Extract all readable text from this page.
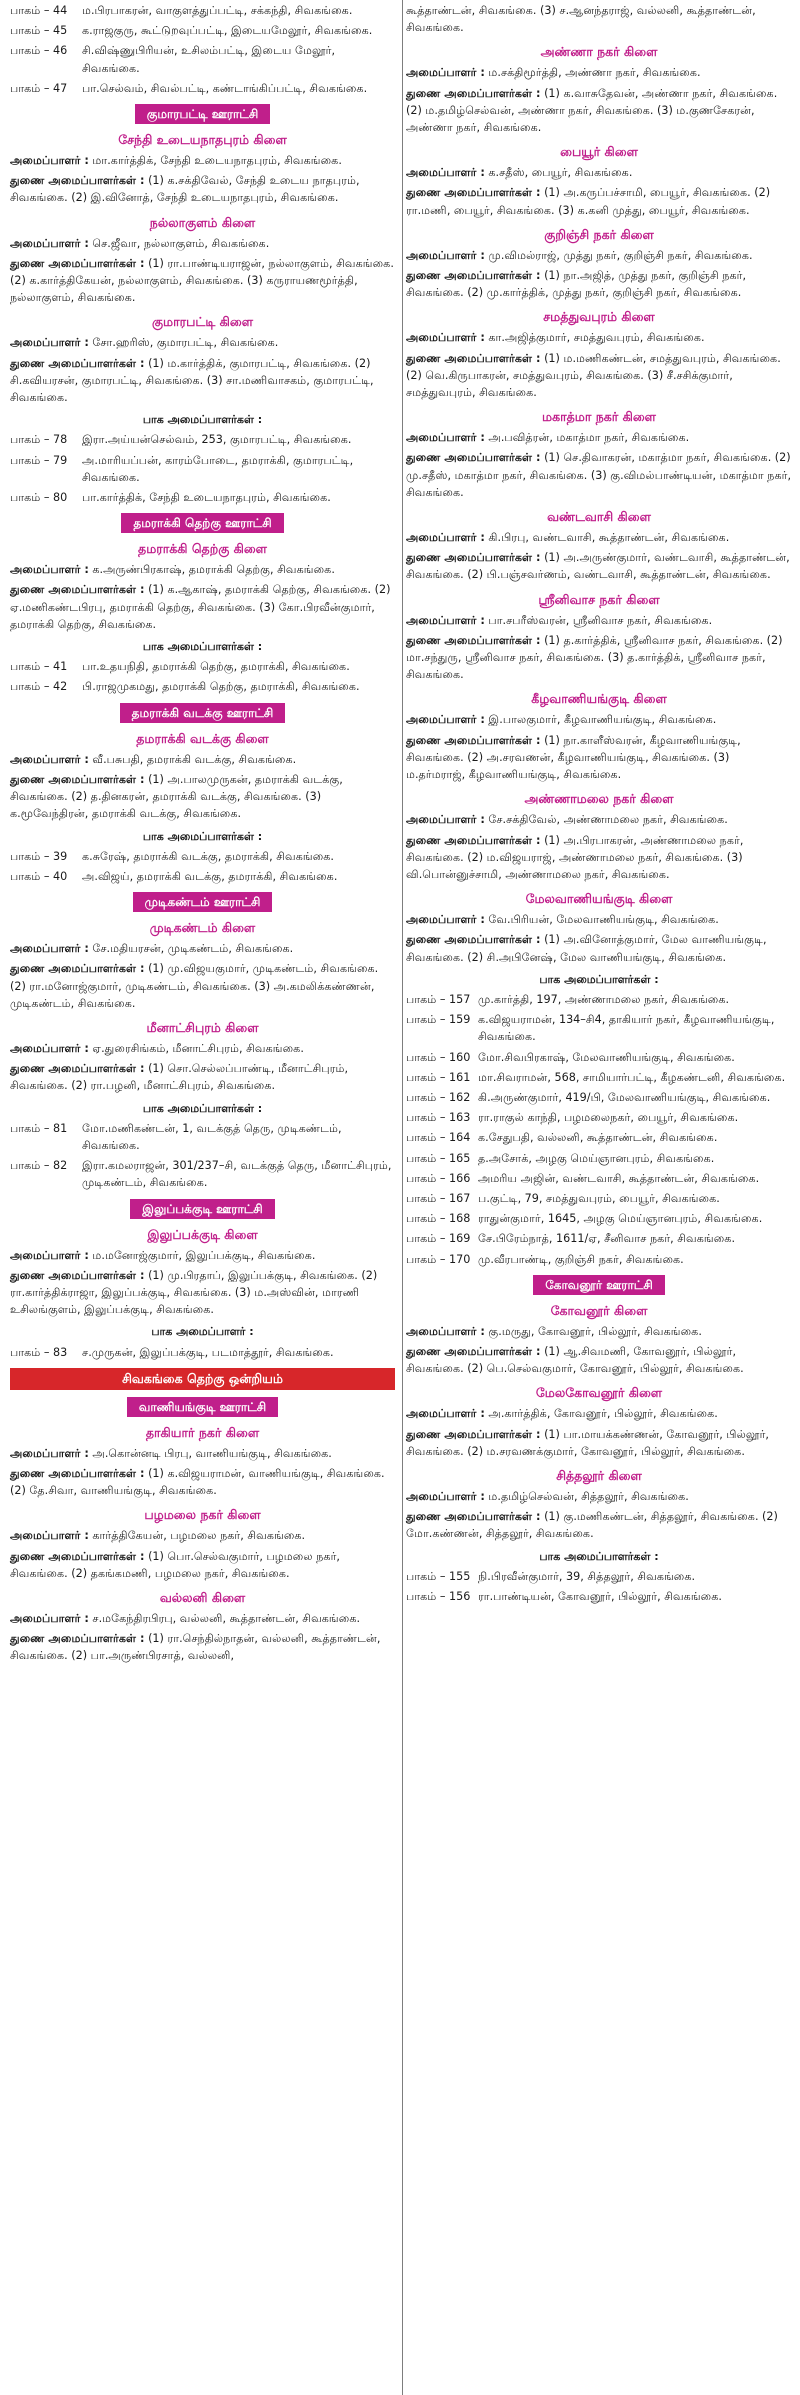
பாகம் – 44	ம.பிரபாகரன், வாகுளத்துப்பட்டி, சக்கந்தி, சிவகங்கை.
பாகம் – 45	க.ராஜகுரு, கூட்டுறவுப்பட்டி, இடையமேலூர், சிவகங்கை.
பாகம் – 46	சி.விஷ்ணுபிரியன், உசிலம்பட்டி, இடைய மேலூர், சிவகங்கை.
பாகம் – 47	பா.செல்வம், சிவல்பட்டி, கண்டாங்கிப்பட்டி, சிவகங்கை.
குமாரபட்டி ஊராட்சி
சேந்தி உடையநாதபுரம் கிளை
அமைப்பாளர் : மா.கார்த்திக், சேந்தி உடையநாதபுரம், சிவகங்கை.
துணை அமைப்பாளர்கள் : (1) க.சக்திவேல், சேந்தி உடைய நாதபுரம், சிவகங்கை. (2) இ.வினோத், சேந்தி உடையநாதபுரம், சிவகங்கை.
நல்லாகுளம் கிளை
அமைப்பாளர் : செ.ஜீவா, நல்லாகுளம், சிவகங்கை.
துணை அமைப்பாளர்கள் : (1) ரா.பாண்டியராஜன், நல்லாகுளம், சிவகங்கை. (2) க.கார்த்திகேயன், நல்லாகுளம், சிவகங்கை. (3) கருராயணமூர்த்தி, நல்லாகுளம், சிவகங்கை.
குமாரபட்டி கிளை
அமைப்பாளர் : சோ.ஹரிஸ், குமாரபட்டி, சிவகங்கை.
துணை அமைப்பாளர்கள் : (1) ம.கார்த்திக், குமாரபட்டி, சிவகங்கை. (2) சி.கவியரசன், குமாரபட்டி, சிவகங்கை. (3) சா.மணிவாசகம், குமாரபட்டி, சிவகங்கை.
பாக அமைப்பாளர்கள் :
பாகம் – 78	இரா.அய்யன்செல்வம், 253, குமாரபட்டி, சிவகங்கை.
பாகம் – 79	அ.மாரியப்பன், காரம்போடை, தமராக்கி, குமாரபட்டி, சிவகங்கை.
பாகம் – 80	பா.கார்த்திக், சேந்தி உடையநாதபுரம், சிவகங்கை.
தமராக்கி தெற்கு ஊராட்சி
தமராக்கி தெற்கு கிளை
அமைப்பாளர் : க.அருண்பிரகாஷ், தமராக்கி தெற்கு, சிவகங்கை.
துணை அமைப்பாளர்கள் : (1) க.ஆகாஷ், தமராக்கி தெற்கு, சிவகங்கை. (2) ஏ.மணிகண்டபிரபு, தமராக்கி தெற்கு, சிவகங்கை. (3) கோ.பிரவீன்குமார், தமராக்கி தெற்கு, சிவகங்கை.
பாக அமைப்பாளர்கள் :
பாகம் – 41	பா.உதயநிதி, தமராக்கி தெற்கு, தமராக்கி, சிவகங்கை.
பாகம் – 42	பி.ராஜமுகமது, தமராக்கி தெற்கு, தமராக்கி, சிவகங்கை.
தமராக்கி வடக்கு ஊராட்சி
தமராக்கி வடக்கு கிளை
அமைப்பாளர் : வீ.பசுபதி, தமராக்கி வடக்கு, சிவகங்கை.
துணை அமைப்பாளர்கள் : (1) அ.பாலமுருகன், தமராக்கி வடக்கு, சிவகங்கை. (2) த.தினகரன், தமராக்கி வடக்கு, சிவகங்கை. (3) க.மூவேந்திரன், தமராக்கி வடக்கு, சிவகங்கை.
பாக அமைப்பாளர்கள் :
பாகம் – 39	க.சுரேஷ், தமராக்கி வடக்கு, தமராக்கி, சிவகங்கை.
பாகம் – 40	அ.விஜய், தமராக்கி வடக்கு, தமராக்கி, சிவகங்கை.
முடிகண்டம் ஊராட்சி
முடிகண்டம் கிளை
அமைப்பாளர் : சே.மதியரசன், முடிகண்டம், சிவகங்கை.
துணை அமைப்பாளர்கள் : (1) மு.விஜயகுமார், முடிகண்டம், சிவகங்கை. (2) ரா.மனோஜ்குமார், முடிகண்டம், சிவகங்கை. (3) அ.கமலிக்கண்ணன், முடிகண்டம், சிவகங்கை.
மீனாட்சிபுரம் கிளை
அமைப்பாளர் : ஏ.துரைசிங்கம், மீனாட்சிபுரம், சிவகங்கை.
துணை அமைப்பாளர்கள் : (1) சொ.செல்லப்பாண்டி, மீனாட்சிபுரம், சிவகங்கை. (2) ரா.பழனி, மீனாட்சிபுரம், சிவகங்கை.
பாக அமைப்பாளர்கள் :
பாகம் – 81	மோ.மணிகண்டன், 1, வடக்குத் தெரு, முடிகண்டம், சிவகங்கை.
பாகம் – 82	இரா.கமலராஜன், 301/237–சி, வடக்குத் தெரு, மீனாட்சிபுரம், முடிகண்டம், சிவகங்கை.
இலுப்பக்குடி ஊராட்சி
இலுப்பக்குடி கிளை
அமைப்பாளர் : ம.மனோஜ்குமார், இலுப்பக்குடி, சிவகங்கை.
துணை அமைப்பாளர்கள் : (1) மு.பிரதாப், இலுப்பக்குடி, சிவகங்கை. (2) ரா.கார்த்திக்ராஜா, இலுப்பக்குடி, சிவகங்கை. (3) ம.அஸ்வின், மாரணி உசிலங்குளம், இலுப்பக்குடி, சிவகங்கை.
பாக அமைப்பாளர் :
பாகம் – 83	ச.முருகன், இலுப்பக்குடி, படமாத்தூர், சிவகங்கை.
சிவகங்கை தெற்கு ஒன்றியம்
வாணியங்குடி ஊராட்சி
தாகியார் நகர் கிளை
அமைப்பாளர் : அ.கொன்னடி பிரபு, வாணியங்குடி, சிவகங்கை.
துணை அமைப்பாளர்கள் : (1) க.விஜயராமன், வாணியங்குடி, சிவகங்கை. (2) தே.சிவா, வாணியங்குடி, சிவகங்கை.
பழமலை நகர் கிளை
அமைப்பாளர் : கார்த்திகேயன், பழமலை நகர், சிவகங்கை.
துணை அமைப்பாளர்கள் : (1) பொ.செல்வகுமார், பழமலை நகர், சிவகங்கை. (2) தகங்கமணி, பழமலை நகர், சிவகங்கை.
வல்லனி கிளை
அமைப்பாளர் : ச.மகேந்திரபிரபு, வல்லனி, கூத்தாண்டன், சிவகங்கை.
துணை அமைப்பாளர்கள் : (1) ரா.செந்தில்நாதன், வல்லனி, கூத்தாண்டன், சிவகங்கை. (2) பா.அருண்பிரசாத், வல்லனி,
கூத்தாண்டன், சிவகங்கை. (3) ச.ஆனந்தராஜ், வல்லனி, கூத்தாண்டன், சிவகங்கை.
அண்ணா நகர் கிளை
அமைப்பாளர் : ம.சக்திமூர்த்தி, அண்ணா நகர், சிவகங்கை.
துணை அமைப்பாளர்கள் : (1) க.வாசுதேவன், அண்ணா நகர், சிவகங்கை. (2) ம.தமிழ்செல்வன், அண்ணா நகர், சிவகங்கை. (3) ம.குணசேகரன், அண்ணா நகர், சிவகங்கை.
பையூர் கிளை
அமைப்பாளர் : க.சதீஸ், பையூர், சிவகங்கை.
துணை அமைப்பாளர்கள் : (1) அ.கருப்பச்சாமி, பையூர், சிவகங்கை. (2) ரா.மணி, பையூர், சிவகங்கை. (3) க.கனி முத்து, பையூர், சிவகங்கை.
குறிஞ்சி நகர் கிளை
அமைப்பாளர் : மு.விமல்ராஜ், முத்து நகர், குறிஞ்சி நகர், சிவகங்கை.
துணை அமைப்பாளர்கள் : (1) நா.அஜித், முத்து நகர், குறிஞ்சி நகர், சிவகங்கை. (2) மு.கார்த்திக், முத்து நகர், குறிஞ்சி நகர், சிவகங்கை.
சமத்துவபுரம் கிளை
அமைப்பாளர் : கா.அஜித்குமார், சமத்துவபுரம், சிவகங்கை.
துணை அமைப்பாளர்கள் : (1) ம.மணிகண்டன், சமத்துவபுரம், சிவகங்கை. (2) வெ.கிருபாகரன், சமத்துவபுரம், சிவகங்கை. (3) சீ.சசிக்குமார், சமத்துவபுரம், சிவகங்கை.
மகாத்மா நகர் கிளை
அமைப்பாளர் : அ.பவித்ரன், மகாத்மா நகர், சிவகங்கை.
துணை அமைப்பாளர்கள் : (1) செ.திவாகரன், மகாத்மா நகர், சிவகங்கை. (2) மு.சதீஸ், மகாத்மா நகர், சிவகங்கை. (3) கு.விமல்பாண்டியன், மகாத்மா நகர், சிவகங்கை.
வண்டவாசி கிளை
அமைப்பாளர் : கி.பிரபு, வண்டவாசி, கூத்தாண்டன், சிவகங்கை.
துணை அமைப்பாளர்கள் : (1) அ.அருண்குமார், வண்டவாசி, கூத்தாண்டன், சிவகங்கை. (2) பி.பஞ்சவர்ணம், வண்டவாசி, கூத்தாண்டன், சிவகங்கை.
ஸ்ரீனிவாச நகர் கிளை
அமைப்பாளர் : பா.சபரீஸ்வரன், ஸ்ரீனிவாச நகர், சிவகங்கை.
துணை அமைப்பாளர்கள் : (1) த.கார்த்திக், ஸ்ரீனிவாச நகர், சிவகங்கை. (2) மா.சந்துரு, ஸ்ரீனிவாச நகர், சிவகங்கை. (3) த.கார்த்திக், ஸ்ரீனிவாச நகர், சிவகங்கை.
கீழவாணியங்குடி கிளை
அமைப்பாளர் : இ.பாலகுமார், கீழவாணியங்குடி, சிவகங்கை.
துணை அமைப்பாளர்கள் : (1) நா.காளீஸ்வரன், கீழவாணியங்குடி, சிவகங்கை. (2) அ.சரவணன், கீழவாணியங்குடி, சிவகங்கை. (3) ம.தர்மராஜ், கீழவாணியங்குடி, சிவகங்கை.
அண்ணாமலை நகர் கிளை
அமைப்பாளர் : சே.சக்திவேல், அண்ணாமலை நகர், சிவகங்கை.
துணை அமைப்பாளர்கள் : (1) அ.பிரபாகரன், அண்ணாமலை நகர், சிவகங்கை. (2) ம.விஜயராஜ், அண்ணாமலை நகர், சிவகங்கை. (3) வி.பொன்னுச்சாமி, அண்ணாமலை நகர், சிவகங்கை.
மேலவாணியங்குடி கிளை
அமைப்பாளர் : வே.பிரியன், மேலவாணியங்குடி, சிவகங்கை.
துணை அமைப்பாளர்கள் : (1) அ.வினோத்குமார், மேல வாணியங்குடி, சிவகங்கை. (2) சி.அபினேஷ், மேல வாணியங்குடி, சிவகங்கை.
பாக அமைப்பாளர்கள் :
பாகம் – 157 மு.கார்த்தி, 197, அண்ணாமலை நகர், சிவகங்கை.
பாகம் – 159 க.விஜயராமன், 134–சி4, தாகியார் நகர், கீழவாணியங்குடி, சிவகங்கை.
பாகம் – 160 மோ.சிவபிரகாஷ், மேலவாணியங்குடி, சிவகங்கை.
பாகம் – 161 மா.சிவராமன், 568, சாமியார்பட்டி, கீழகண்டனி, சிவகங்கை.
பாகம் – 162 கி.அருண்குமார், 419/பி, மேலவாணியங்குடி, சிவகங்கை.
பாகம் – 163 ரா.ராகுல் காந்தி, பழமலைநகர், பையூர், சிவகங்கை.
பாகம் – 164 க.சேதுபதி, வல்லனி, கூத்தாண்டன், சிவகங்கை.
பாகம் – 165 த.அசோக், அழகு மெய்ஞானபுரம், சிவகங்கை.
பாகம் – 166 அமரிய அஜின், வண்டவாசி, கூத்தாண்டன், சிவகங்கை.
பாகம் – 167 ப.குட்டி, 79, சமத்துவபுரம், பையூர், சிவகங்கை.
பாகம் – 168 ராதுன்குமார், 1645, அழகு மெய்ஞானபுரம், சிவகங்கை.
பாகம் – 169 சே.பிரேம்நாத், 1611/ஏ, சீனிவாச நகர், சிவகங்கை.
பாகம் – 170 மு.வீரபாண்டி, குறிஞ்சி நகர், சிவகங்கை.
கோவனூர் ஊராட்சி
கோவனூர் கிளை
அமைப்பாளர் : கு.மருது, கோவனூர், பில்லூர், சிவகங்கை.
துணை அமைப்பாளர்கள் : (1) ஆ.சிவமணி, கோவனூர், பில்லூர், சிவகங்கை. (2) பெ.செல்வகுமார், கோவனூர், பில்லூர், சிவகங்கை.
மேலகோவனூர் கிளை
அமைப்பாளர் : அ.கார்த்திக், கோவனூர், பில்லூர், சிவகங்கை.
துணை அமைப்பாளர்கள் : (1) பா.மாயக்கண்ணன், கோவனூர், பில்லூர், சிவகங்கை. (2) ம.சரவணக்குமார், கோவனூர், பில்லூர், சிவகங்கை.
சித்தலூர் கிளை
அமைப்பாளர் : ம.தமிழ்செல்வன், சித்தலூர், சிவகங்கை.
துணை அமைப்பாளர்கள் : (1) கு.மணிகண்டன், சித்தலூர், சிவகங்கை. (2) மோ.கண்ணன், சித்தலூர், சிவகங்கை.
பாக அமைப்பாளர்கள் :
பாகம் – 155 நி.பிரவீன்குமார், 39, சித்தலூர், சிவகங்கை.
பாகம் – 156 ரா.பாண்டியன், கோவனூர், பில்லூர், சிவகங்கை.
